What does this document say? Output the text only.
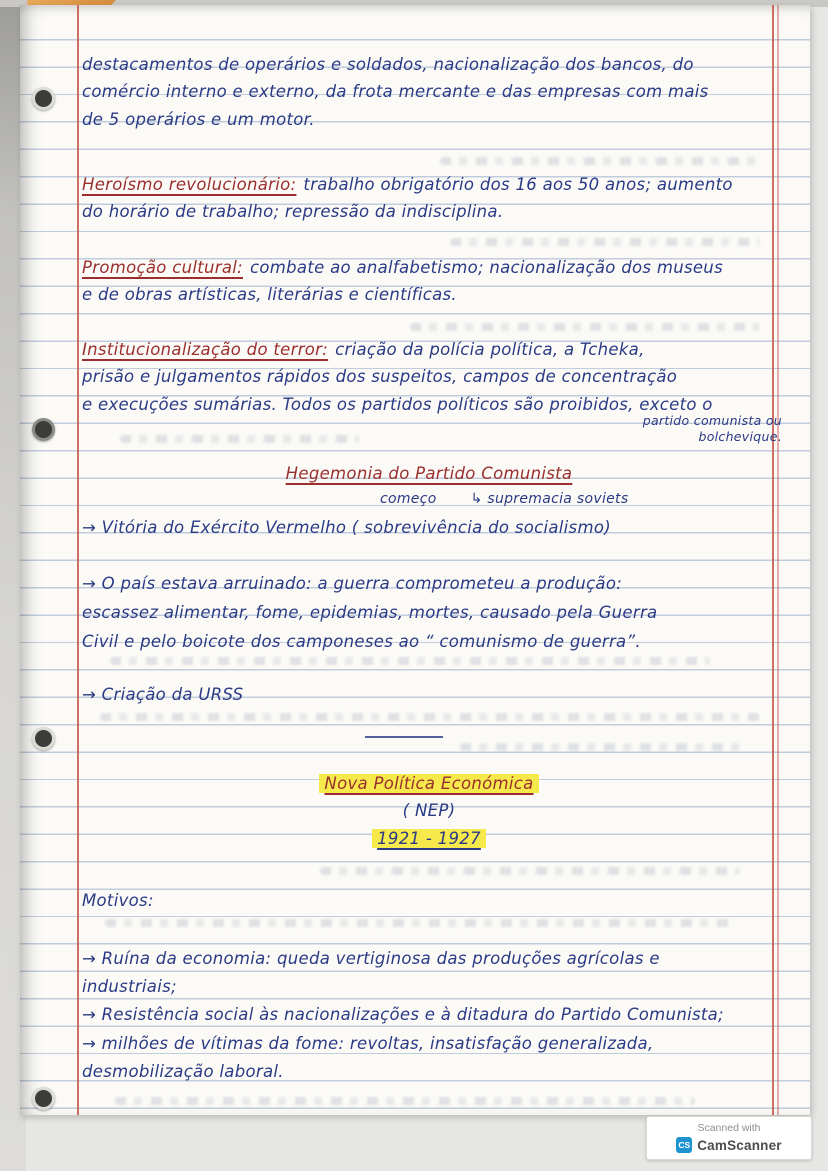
destacamentos de operários e soldados, nacionalização dos bancos, do
comércio interno e externo, da frota mercante e das empresas com mais
de 5 operários e um motor.
Heroísmo revolucionário: trabalho obrigatório dos 16 aos 50 anos; aumento
do horário de trabalho; repressão da indisciplina.
Promoção cultural: combate ao analfabetismo; nacionalização dos museus
e de obras artísticas, literárias e científicas.
Institucionalização do terror: criação da polícia política, a Tcheka,
prisão e julgamentos rápidos dos suspeitos, campos de concentração
e execuções sumárias. Todos os partidos políticos são proibidos, exceto o
partido comunista ou
bolchevique.
Hegemonia do Partido Comunista
começo ↳ supremacia soviets
→ Vitória do Exército Vermelho ( sobrevivência do socialismo)
→ O país estava arruinado: a guerra comprometeu a produção:
escassez alimentar, fome, epidemias, mortes, causado pela Guerra
Civil e pelo boicote dos camponeses ao “ comunismo de guerra”.
→ Criação da URSS
Nova Política Económica
( NEP)
1921 - 1927
Motivos:
→ Ruína da economia: queda vertiginosa das produções agrícolas e
industriais;
→ Resistência social às nacionalizações e à ditadura do Partido Comunista;
→ milhões de vítimas da fome: revoltas, insatisfação generalizada,
desmobilização laboral.
Scanned with
CS CamScanner
